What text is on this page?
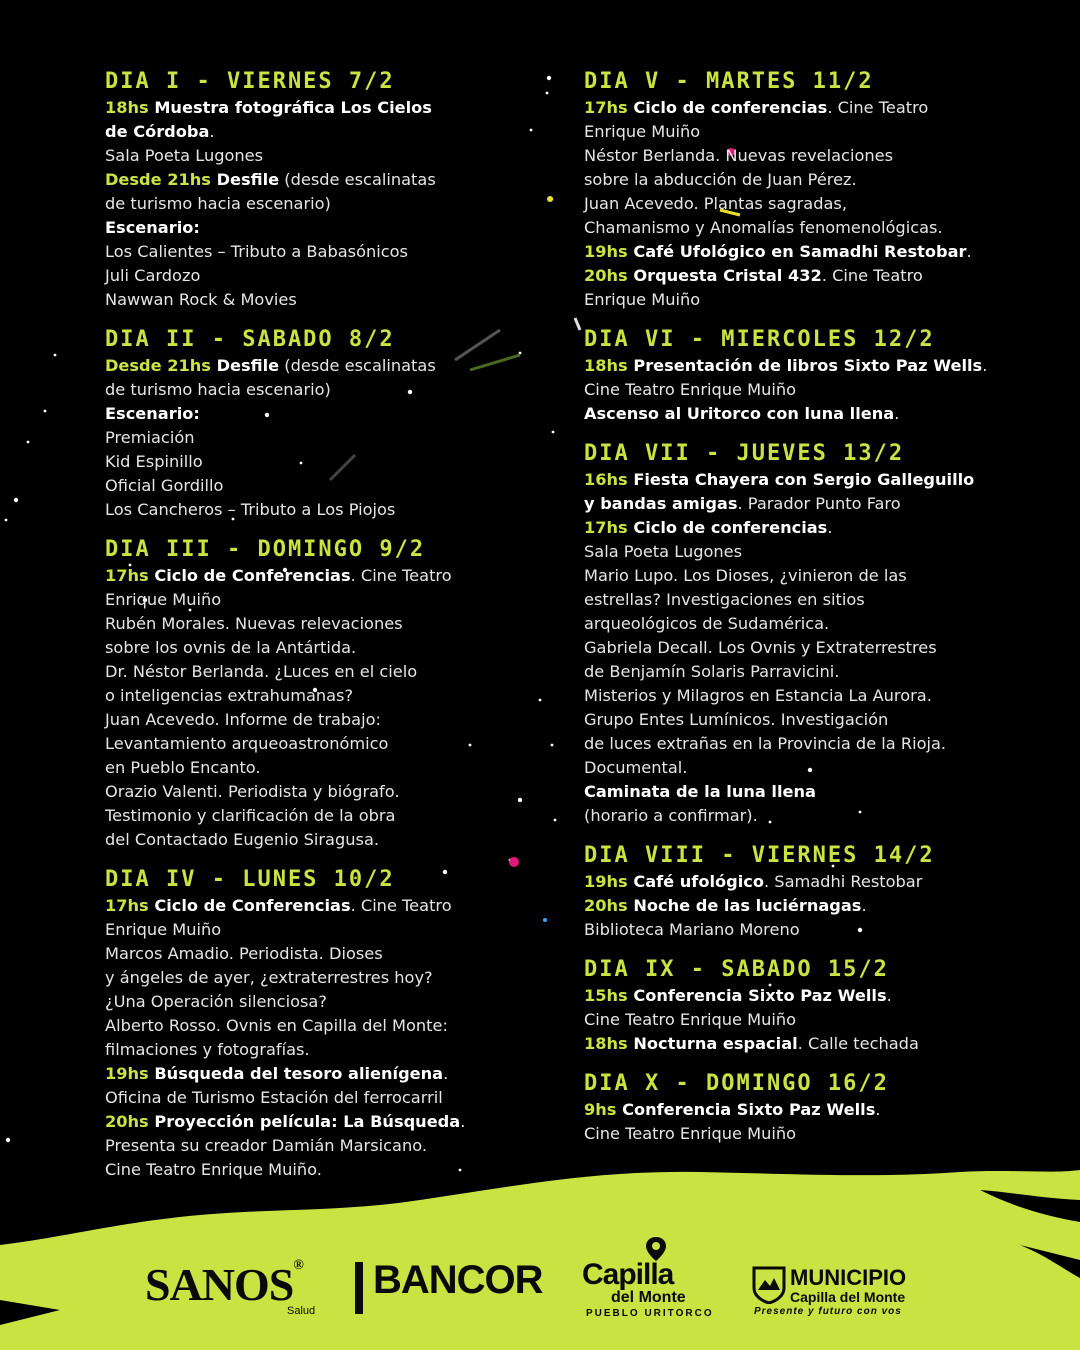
DIA I - VIERNES 7/2
18hs Muestra fotográfica Los Cielos
de Córdoba.
Sala Poeta Lugones
Desde 21hs Desfile (desde escalinatas
de turismo hacia escenario)
Escenario:
Los Calientes – Tributo a Babasónicos
Juli Cardozo
Nawwan Rock & Movies
DIA II - SABADO 8/2
Desde 21hs Desfile (desde escalinatas
de turismo hacia escenario)
Escenario:
Premiación
Kid Espinillo
Oficial Gordillo
Los Cancheros – Tributo a Los Piojos
DIA III - DOMINGO 9/2
17hs Ciclo de Conferencias. Cine Teatro
Enrique Muiño
Rubén Morales. Nuevas relevaciones
sobre los ovnis de la Antártida.
Dr. Néstor Berlanda. ¿Luces en el cielo
o inteligencias extrahumanas?
Juan Acevedo. Informe de trabajo:
Levantamiento arqueoastronómico
en Pueblo Encanto.
Orazio Valenti. Periodista y biógrafo.
Testimonio y clarificación de la obra
del Contactado Eugenio Siragusa.
DIA IV - LUNES 10/2
17hs Ciclo de Conferencias. Cine Teatro
Enrique Muiño
Marcos Amadio. Periodista. Dioses
y ángeles de ayer, ¿extraterrestres hoy?
¿Una Operación silenciosa?
Alberto Rosso. Ovnis en Capilla del Monte:
filmaciones y fotografías.
19hs Búsqueda del tesoro alienígena.
Oficina de Turismo Estación del ferrocarril
20hs Proyección película: La Búsqueda.
Presenta su creador Damián Marsicano.
Cine Teatro Enrique Muiño.
DIA V - MARTES 11/2
17hs Ciclo de conferencias. Cine Teatro
Enrique Muiño
Néstor Berlanda. Nuevas revelaciones
sobre la abducción de Juan Pérez.
Juan Acevedo. Plantas sagradas,
Chamanismo y Anomalías fenomenológicas.
19hs Café Ufológico en Samadhi Restobar.
20hs Orquesta Cristal 432. Cine Teatro
Enrique Muiño
DIA VI - MIERCOLES 12/2
18hs Presentación de libros Sixto Paz Wells.
Cine Teatro Enrique Muiño
Ascenso al Uritorco con luna llena.
DIA VII - JUEVES 13/2
16hs Fiesta Chayera con Sergio Galleguillo
y bandas amigas. Parador Punto Faro
17hs Ciclo de conferencias.
Sala Poeta Lugones
Mario Lupo. Los Dioses, ¿vinieron de las
estrellas? Investigaciones en sitios
arqueológicos de Sudamérica.
Gabriela Decall. Los Ovnis y Extraterrestres
de Benjamín Solaris Parravicini.
Misterios y Milagros en Estancia La Aurora.
Grupo Entes Lumínicos. Investigación
de luces extrañas en la Provincia de la Rioja.
Documental.
Caminata de la luna llena
(horario a confirmar).
DIA VIII - VIERNES 14/2
19hs Café ufológico. Samadhi Restobar
20hs Noche de las luciérnagas.
Biblioteca Mariano Moreno
DIA IX - SABADO 15/2
15hs Conferencia Sixto Paz Wells.
Cine Teatro Enrique Muiño
18hs Nocturna espacial. Calle techada
DIA X - DOMINGO 16/2
9hs Conferencia Sixto Paz Wells.
Cine Teatro Enrique Muiño
SANOS®
Salud
BANCOR Capilla
del Monte
PUEBLO URITORCO
MUNICIPIO
Capilla del Monte
Presente y futuro con vos
